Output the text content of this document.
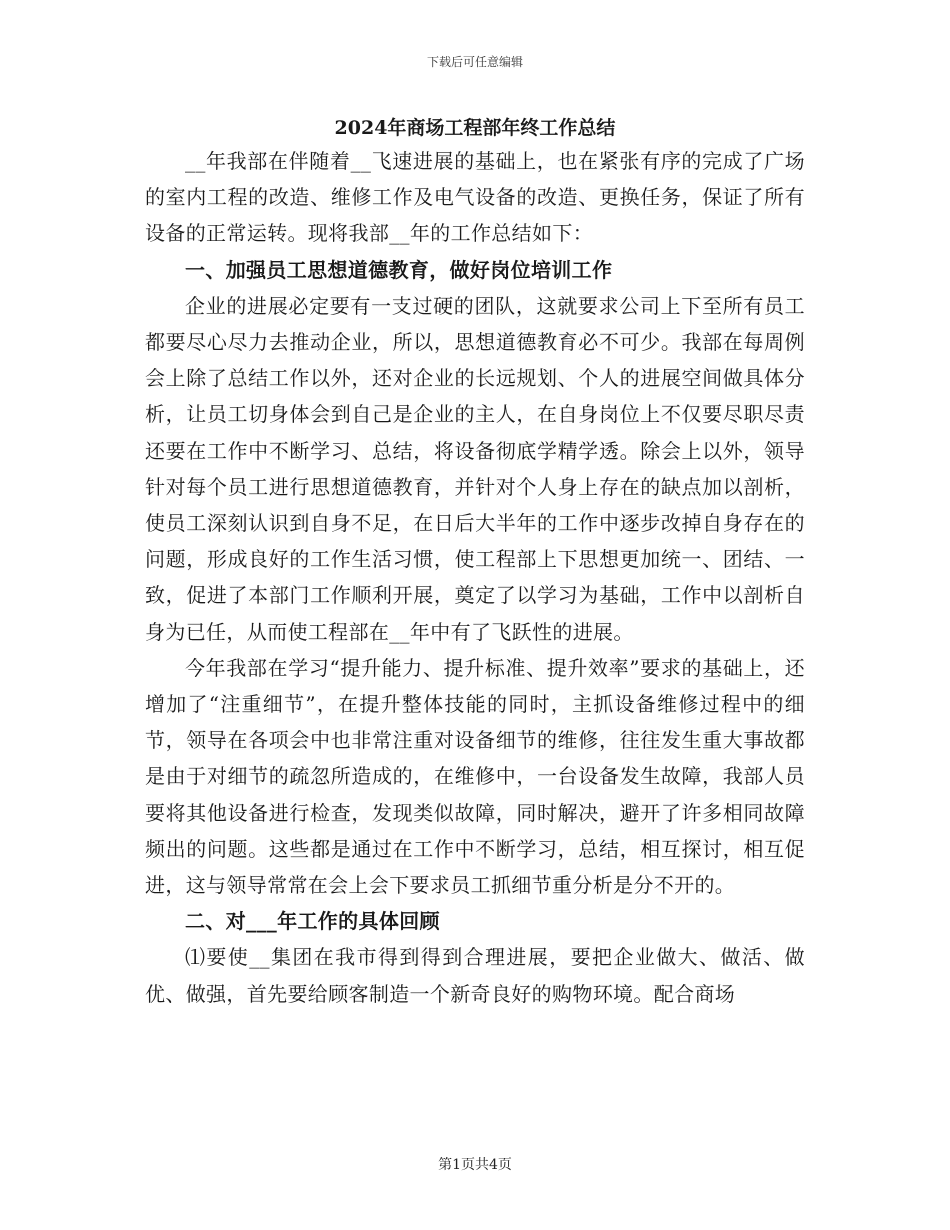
下载后可任意编辑
2024年商场工程部年终工作总结

__年我部在伴随着__飞速进展的基础上，也在紧张有序的完成了广场的室内工程的改造、维修工作及电气设备的改造、更换任务，保证了所有设备的正常运转。现将我部__年的工作总结如下：

一、加强员工思想道德教育，做好岗位培训工作

企业的进展必定要有一支过硬的团队，这就要求公司上下至所有员工都要尽心尽力去推动企业，所以，思想道德教育必不可少。我部在每周例会上除了总结工作以外，还对企业的长远规划、个人的进展空间做具体分析，让员工切身体会到自己是企业的主人，在自身岗位上不仅要尽职尽责还要在工作中不断学习、总结，将设备彻底学精学透。除会上以外，领导针对每个员工进行思想道德教育，并针对个人身上存在的缺点加以剖析，使员工深刻认识到自身不足，在日后大半年的工作中逐步改掉自身存在的问题，形成良好的工作生活习惯，使工程部上下思想更加统一、团结、一致，促进了本部门工作顺利开展，奠定了以学习为基础，工作中以剖析自身为已任，从而使工程部在__年中有了飞跃性的进展。

今年我部在学习“提升能力、提升标准、提升效率”要求的基础上，还增加了“注重细节”，在提升整体技能的同时，主抓设备维修过程中的细节，领导在各项会中也非常注重对设备细节的维修，往往发生重大事故都是由于对细节的疏忽所造成的，在维修中，一台设备发生故障，我部人员要将其他设备进行检查，发现类似故障，同时解决，避开了许多相同故障频出的问题。这些都是通过在工作中不断学习，总结，相互探讨，相互促进，这与领导常常在会上会下要求员工抓细节重分析是分不开的。

二、对___年工作的具体回顾

⑴要使__集团在我市得到得到合理进展，要把企业做大、做活、做优、做强，首先要给顾客制造一个新奇良好的购物环境。配合商场

第1页共4页
